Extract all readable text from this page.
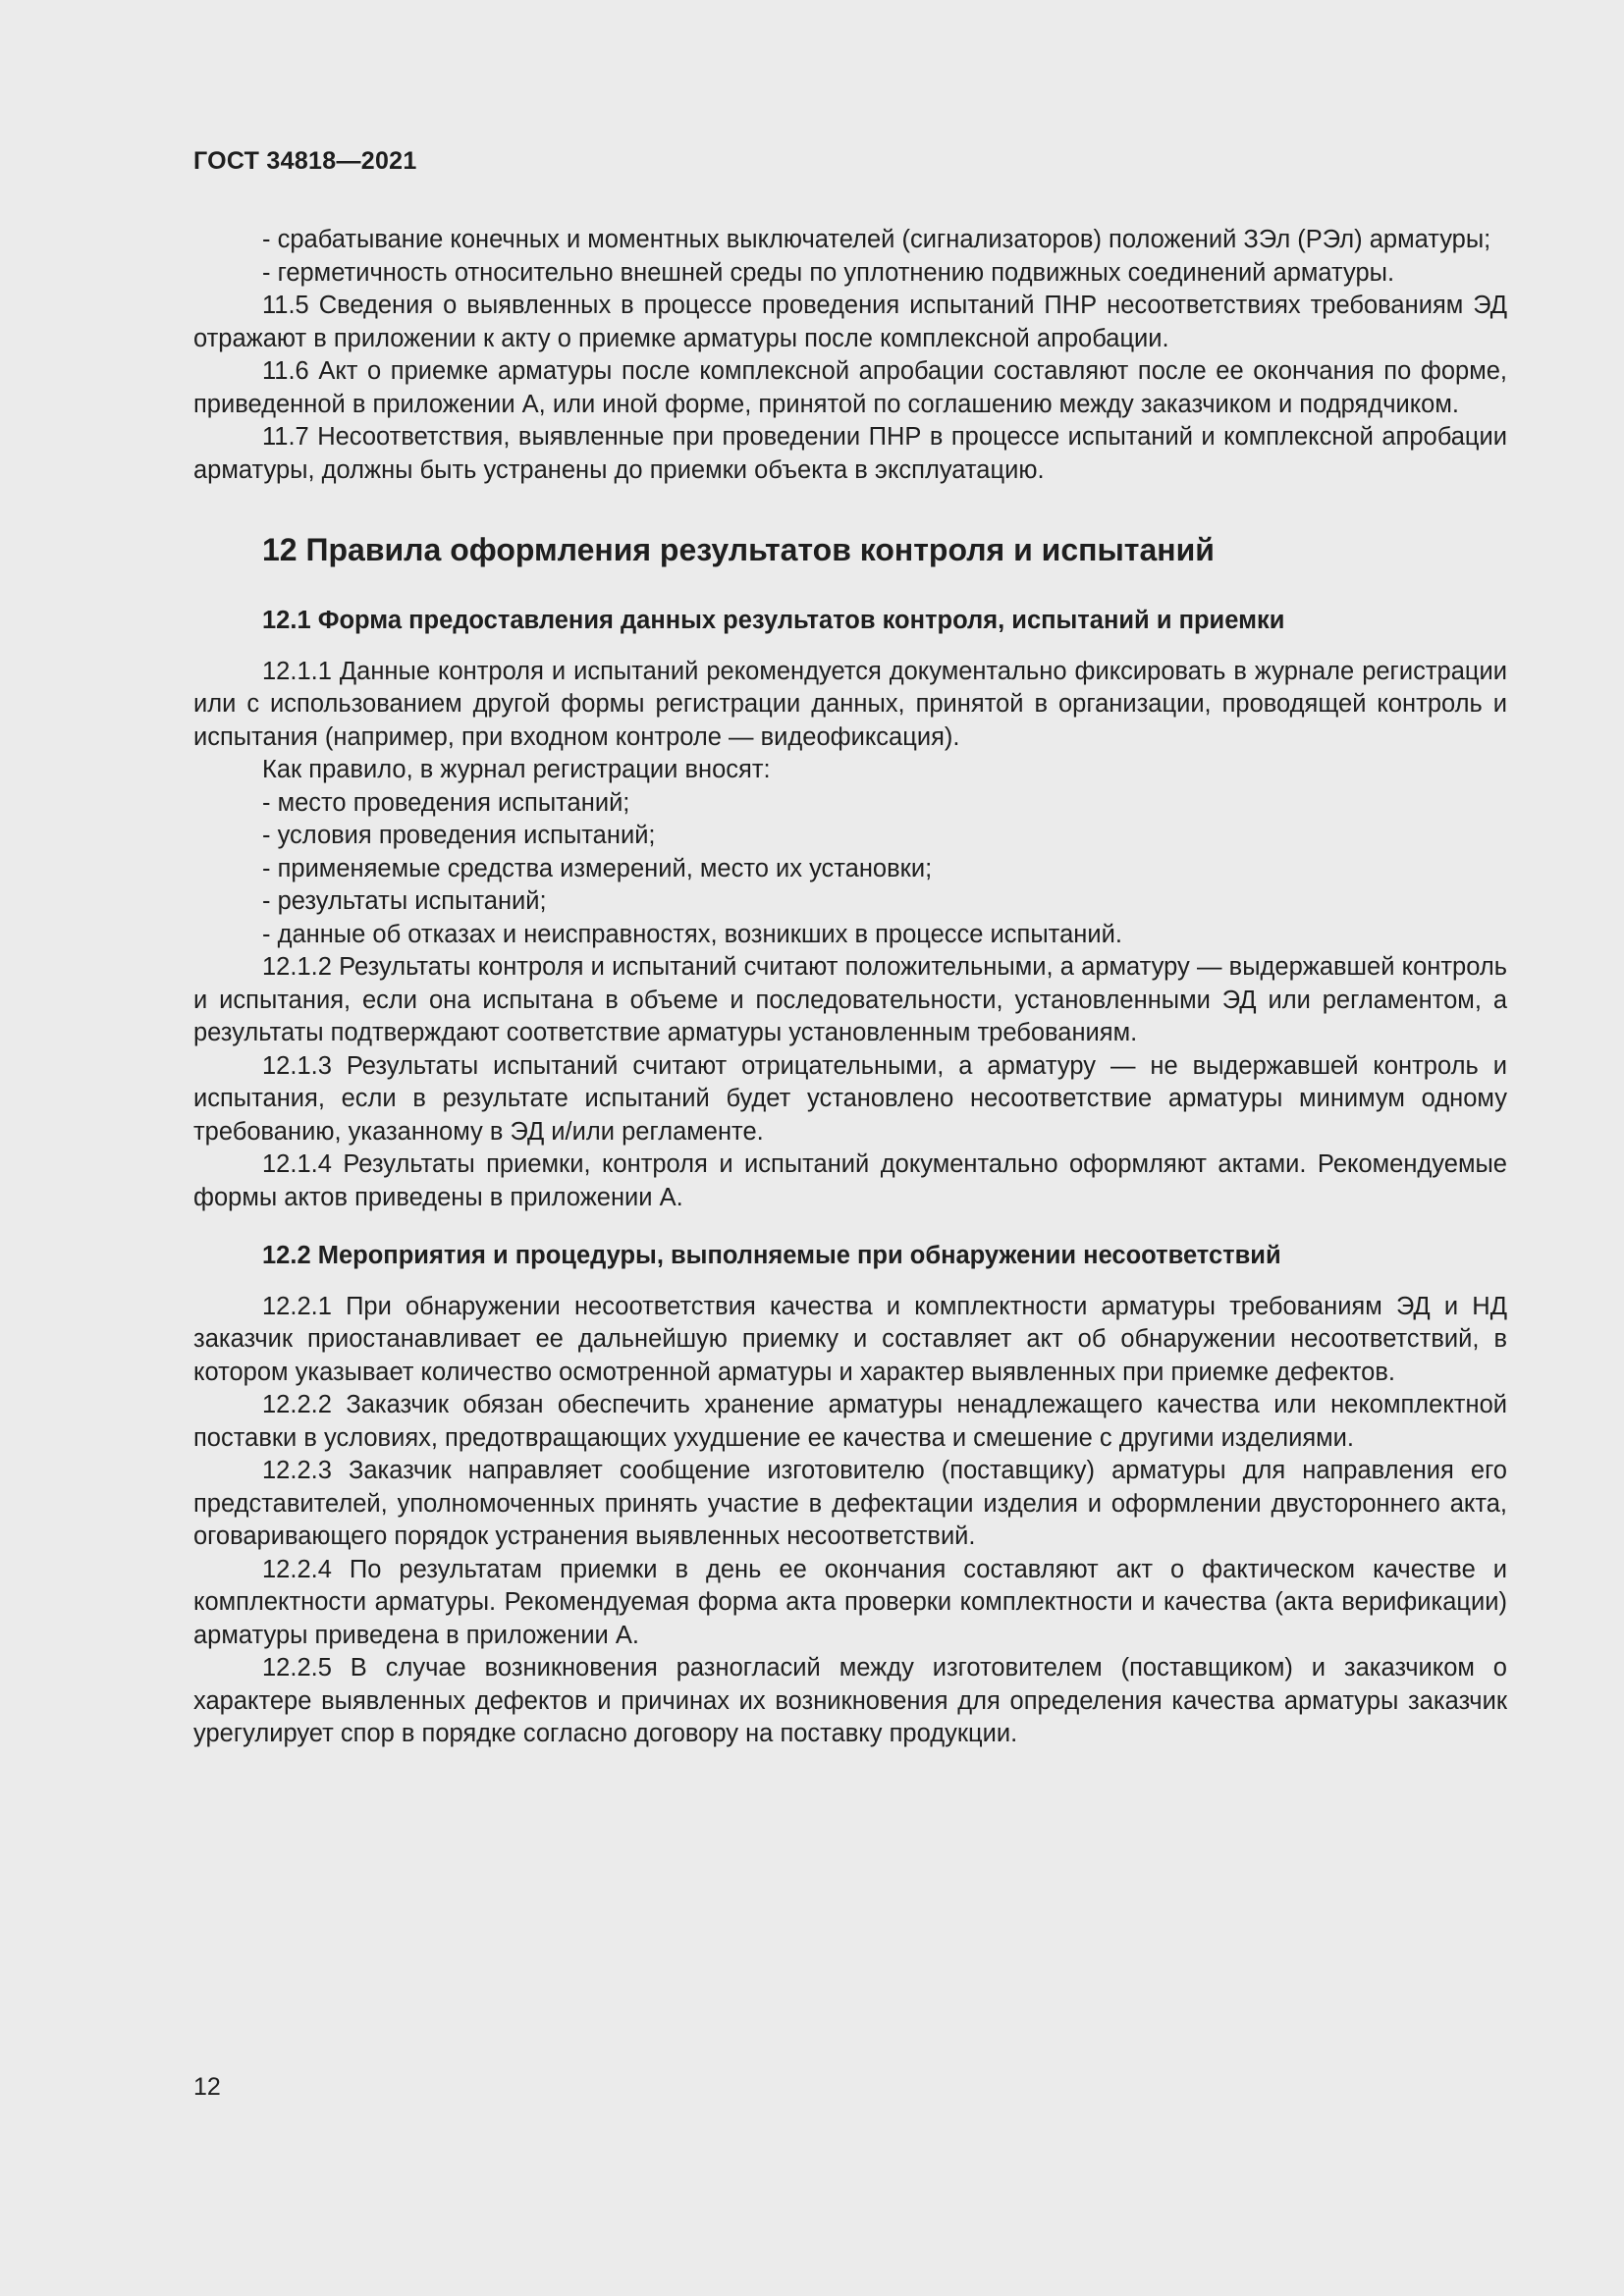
ГОСТ 34818—2021

- срабатывание конечных и моментных выключателей (сигнализаторов) положений ЗЭл (РЭл) арматуры;

- герметичность относительно внешней среды по уплотнению подвижных соединений арматуры.

11.5 Сведения о выявленных в процессе проведения испытаний ПНР несоответствиях требованиям ЭД отражают в приложении к акту о приемке арматуры после комплексной апробации.

11.6 Акт о приемке арматуры после комплексной апробации составляют после ее окончания по форме, приведенной в приложении А, или иной форме, принятой по соглашению между заказчиком и подрядчиком.

11.7 Несоответствия, выявленные при проведении ПНР в процессе испытаний и комплексной апробации арматуры, должны быть устранены до приемки объекта в эксплуатацию.

12 Правила оформления результатов контроля и испытаний
12.1 Форма предоставления данных результатов контроля, испытаний и приемки

12.1.1 Данные контроля и испытаний рекомендуется документально фиксировать в журнале регистрации или с использованием другой формы регистрации данных, принятой в организации, проводящей контроль и испытания (например, при входном контроле — видеофиксация).

Как правило, в журнал регистрации вносят:

- место проведения испытаний;

- условия проведения испытаний;

- применяемые средства измерений, место их установки;

- результаты испытаний;

- данные об отказах и неисправностях, возникших в процессе испытаний.

12.1.2 Результаты контроля и испытаний считают положительными, а арматуру — выдержавшей контроль и испытания, если она испытана в объеме и последовательности, установленными ЭД или регламентом, а результаты подтверждают соответствие арматуры установленным требованиям.

12.1.3 Результаты испытаний считают отрицательными, а арматуру — не выдержавшей контроль и испытания, если в результате испытаний будет установлено несоответствие арматуры минимум одному требованию, указанному в ЭД и/или регламенте.

12.1.4 Результаты приемки, контроля и испытаний документально оформляют актами. Рекомендуемые формы актов приведены в приложении А.

12.2 Мероприятия и процедуры, выполняемые при обнаружении несоответствий

12.2.1 При обнаружении несоответствия качества и комплектности арматуры требованиям ЭД и НД заказчик приостанавливает ее дальнейшую приемку и составляет акт об обнаружении несоответствий, в котором указывает количество осмотренной арматуры и характер выявленных при приемке дефектов.

12.2.2 Заказчик обязан обеспечить хранение арматуры ненадлежащего качества или некомплектной поставки в условиях, предотвращающих ухудшение ее качества и смешение с другими изделиями.

12.2.3 Заказчик направляет сообщение изготовителю (поставщику) арматуры для направления его представителей, уполномоченных принять участие в дефектации изделия и оформлении двустороннего акта, оговаривающего порядок устранения выявленных несоответствий.

12.2.4 По результатам приемки в день ее окончания составляют акт о фактическом качестве и комплектности арматуры. Рекомендуемая форма акта проверки комплектности и качества (акта верификации) арматуры приведена в приложении А.

12.2.5 В случае возникновения разногласий между изготовителем (поставщиком) и заказчиком о характере выявленных дефектов и причинах их возникновения для определения качества арматуры заказчик урегулирует спор в порядке согласно договору на поставку продукции.

12
